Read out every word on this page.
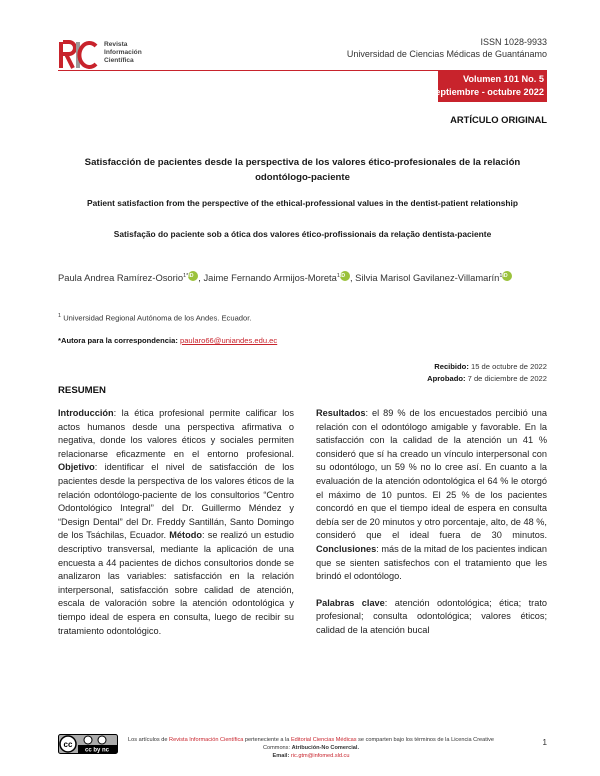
Revista
Información
Científica
ISSN 1028-9933
Universidad de Ciencias Médicas de Guantánamo
Volumen 101 No. 5
septiembre - octubre 2022
ARTÍCULO ORIGINAL
Satisfacción de pacientes desde la perspectiva de los valores ético-profesionales de la relación odontólogo-paciente
Patient satisfaction from the perspective of the ethical-professional values in the dentist-patient relationship
Satisfação do paciente sob a ótica dos valores ético-profissionais da relação dentista-paciente
Paula Andrea Ramírez-Osorio$^{1*}$iD , Jaime Fernando Armijos-Moreta$^1$iD , Silvia Marisol Gavilanez-Villamarín$^1$iD
$^1$ Universidad Regional Autónoma de los Andes. Ecuador.
*Autora para la correspondencia: paularo66@uniandes.edu.ec
Recibido: 15 de octubre de 2022
Aprobado: 7 de diciembre de 2022
RESUMEN
Introducción: la ética profesional permite calificar los actos humanos desde una perspectiva afirmativa o negativa, donde los valores éticos y sociales permiten relacionarse eficazmente en el entorno profesional. Objetivo: identificar el nivel de satisfacción de los pacientes desde la perspectiva de los valores éticos de la relación odontólogo-paciente de los consultorios “Centro Odontológico Integral” del Dr. Guillermo Méndez y “Design Dental” del Dr. Freddy Santillán, Santo Domingo de los Tsáchilas, Ecuador. Método: se realizó un estudio descriptivo transversal, mediante la aplicación de una encuesta a 44 pacientes de dichos consultorios donde se analizaron las variables: satisfacción en la relación interpersonal, satisfacción sobre calidad de atención, escala de valoración sobre la atención odontológica y tiempo ideal de espera en consulta, luego de recibir su tratamiento odontológico.
Resultados: el 89 % de los encuestados percibió una relación con el odontólogo amigable y favorable. En la satisfacción con la calidad de la atención un 41 % consideró que sí ha creado un vínculo interpersonal con su odontólogo, un 59 % no lo cree así. En cuanto a la evaluación de la atención odontológica el 64 % le otorgó el máximo de 10 puntos. El 25 % de los pacientes concordó en que el tiempo ideal de espera en consulta debía ser de 20 minutos y otro porcentaje, alto, de 48 %, consideró que el ideal fuera de 30 minutos. Conclusiones: más de la mitad de los pacientes indican que se sienten satisfechos con el tratamiento que les brindó el odontólogo.
Palabras clave: atención odontológica; ética; trato profesional; consulta odontológica; valores éticos; calidad de la atención bucal
cc
cc by nc
Los artículos de Revista Información Científica perteneciente a la Editorial Ciencias Médicas se comparten bajo los términos de la Licencia Creative Commons: Atribución-No Comercial.
Email: ric.gtm@infomed.sld.cu
1
